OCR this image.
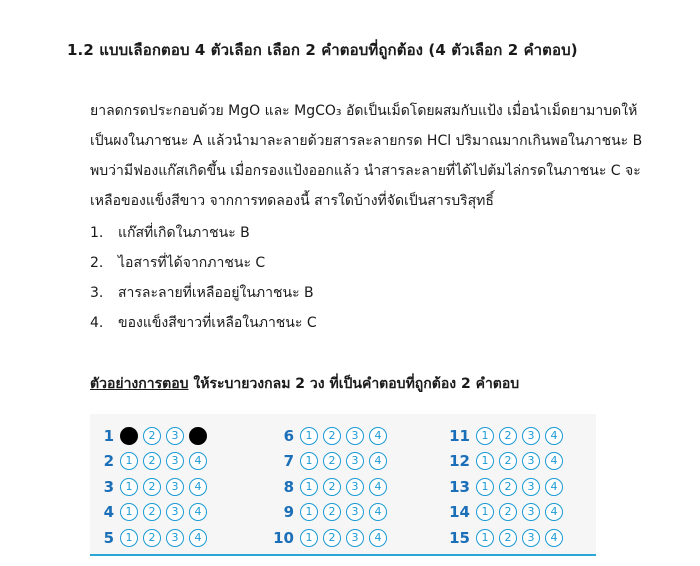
1.2 แบบเลือกตอบ 4 ตัวเลือก เลือก 2 คำตอบที่ถูกต้อง (4 ตัวเลือก 2 คำตอบ)
ยาลดกรดประกอบด้วย MgO และ MgCO₃ อัดเป็นเม็ดโดยผสมกับแป้ง เมื่อนำเม็ดยามาบดให้
เป็นผงในภาชนะ A แล้วนำมาละลายด้วยสารละลายกรด HCl ปริมาณมากเกินพอในภาชนะ B
พบว่ามีฟองแก๊สเกิดขึ้น เมื่อกรองแป้งออกแล้ว นำสารละลายที่ได้ไปต้มไล่กรดในภาชนะ C จะ
เหลือของแข็งสีขาว จากการทดลองนี้ สารใดบ้างที่จัดเป็นสารบริสุทธิ์
1. แก๊สที่เกิดในภาชนะ B
2. ไอสารที่ได้จากภาชนะ C
3. สารละลายที่เหลืออยู่ในภาชนะ B
4. ของแข็งสีขาวที่เหลือในภาชนะ C
ตัวอย่างการตอบ ให้ระบายวงกลม 2 วง ที่เป็นคำตอบที่ถูกต้อง 2 คำตอบ
1	1	2	3	4
2	1	2	3	4
3	1	2	3	4
4	1	2	3	4
5	1	2	3	4
6	1	2	3	4
7	1	2	3	4
8	1	2	3	4
9	1	2	3	4
10	1	2	3	4
11	1	2	3	4
12	1	2	3	4
13	1	2	3	4
14	1	2	3	4
15	1	2	3	4
